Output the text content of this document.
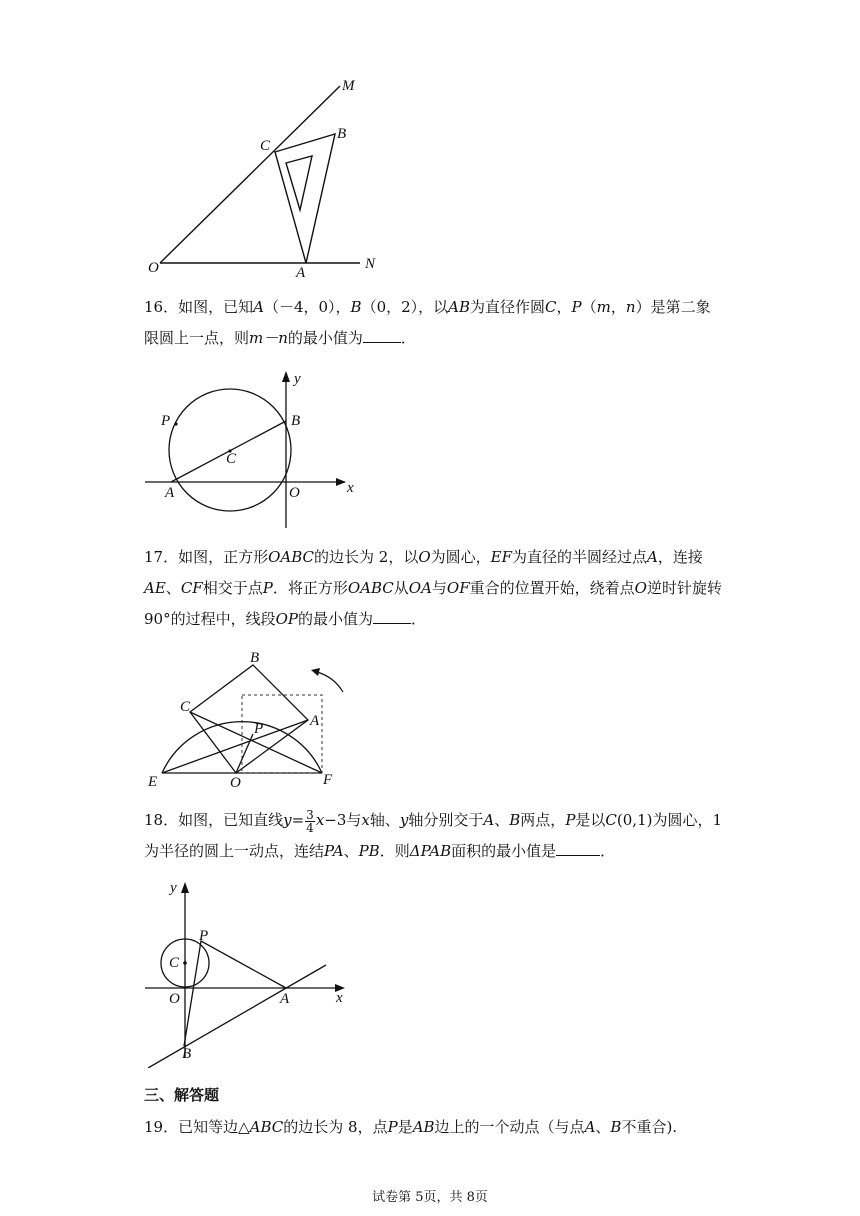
M
C
B
O	A
N

16．如图，已知A（－4，0），B（0，2），以AB为直径作圆C，P（m，n）是第二象限圆上一点，则m－n的最小值为	．

y
P	B
C
A	O	x

17．如图，正方形OABC的边长为 2，以O为圆心，EF为直径的半圆经过点A，连接AE、CF相交于点P．将正方形OABC从OA与OF重合的位置开始，绕着点O逆时针旋转 90°的过程中，线段OP的最小值为	．

B
C
P	A
E	O	F

18．如图，已知直线$y= \frac{3}{4} x-3$与x轴、y轴分别交于A、B两点，P是以C(0,1)为圆心，1 为半径的圆上一动点，连结PA、PB．则ΔPAB面积的最小值是	．

y
P
C
O	A	x
B

三、解答题

19．已知等边△ABC的边长为 8，点P是AB边上的一个动点（与点A、B不重合).

试卷第 5页，共 8页
